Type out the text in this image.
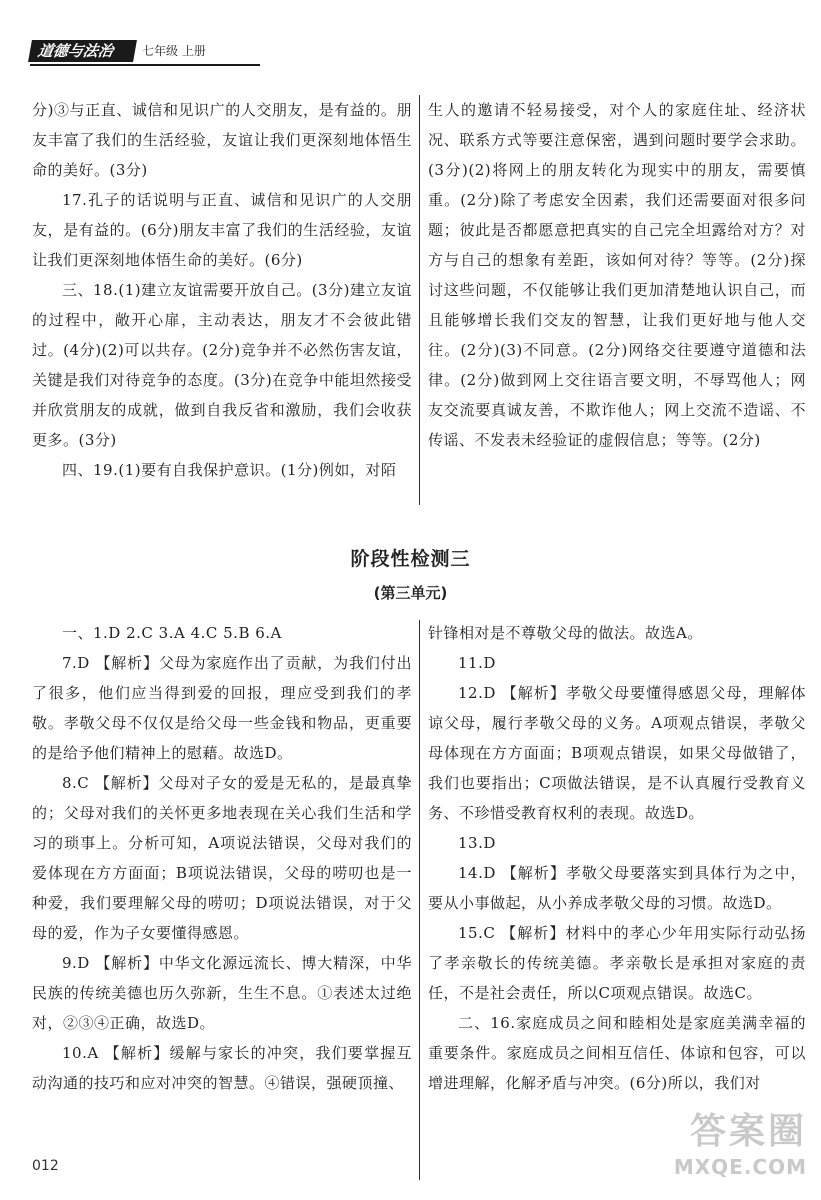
道德与法治	七年级 上册

分)③与正直、诚信和见识广的人交朋友，是有益的。朋友丰富了我们的生活经验，友谊让我们更深刻地体悟生命的美好。(3分)

17.孔子的话说明与正直、诚信和见识广的人交朋友，是有益的。(6分)朋友丰富了我们的生活经验，友谊让我们更深刻地体悟生命的美好。(6分)

三、18.(1)建立友谊需要开放自己。(3分)建立友谊的过程中，敞开心扉，主动表达，朋友才不会彼此错过。(4分)(2)可以共存。(2分)竞争并不必然伤害友谊，关键是我们对待竞争的态度。(3分)在竞争中能坦然接受并欣赏朋友的成就，做到自我反省和激励，我们会收获更多。(3分)

四、19.(1)要有自我保护意识。(1分)例如，对陌

生人的邀请不轻易接受，对个人的家庭住址、经济状况、联系方式等要注意保密，遇到问题时要学会求助。(3分)(2)将网上的朋友转化为现实中的朋友，需要慎重。(2分)除了考虑安全因素，我们还需要面对很多问题；彼此是否都愿意把真实的自己完全坦露给对方？对方与自己的想象有差距，该如何对待？等等。(2分)探讨这些问题，不仅能够让我们更加清楚地认识自己，而且能够增长我们交友的智慧，让我们更好地与他人交往。(2分)(3)不同意。(2分)网络交往要遵守道德和法律。(2分)做到网上交往语言要文明，不辱骂他人；网友交流要真诚友善，不欺诈他人；网上交流不造谣、不传谣、不发表未经验证的虚假信息；等等。(2分)

阶段性检测三
(第三单元)

一、1.D 2.C 3.A 4.C 5.B 6.A

7.D 【解析】父母为家庭作出了贡献，为我们付出了很多，他们应当得到爱的回报，理应受到我们的孝敬。孝敬父母不仅仅是给父母一些金钱和物品，更重要的是给予他们精神上的慰藉。故选D。

8.C 【解析】父母对子女的爱是无私的，是最真挚的；父母对我们的关怀更多地表现在关心我们生活和学习的琐事上。分析可知，A项说法错误，父母对我们的爱体现在方方面面；B项说法错误，父母的唠叨也是一种爱，我们要理解父母的唠叨；D项说法错误，对于父母的爱，作为子女要懂得感恩。

9.D 【解析】中华文化源远流长、博大精深，中华民族的传统美德也历久弥新，生生不息。①表述太过绝对，②③④正确，故选D。

10.A 【解析】缓解与家长的冲突，我们要掌握互动沟通的技巧和应对冲突的智慧。④错误，强硬顶撞、

针锋相对是不尊敬父母的做法。故选A。

11.D

12.D 【解析】孝敬父母要懂得感恩父母，理解体谅父母，履行孝敬父母的义务。A项观点错误，孝敬父母体现在方方面面；B项观点错误，如果父母做错了，我们也要指出；C项做法错误，是不认真履行受教育义务、不珍惜受教育权利的表现。故选D。

13.D

14.D 【解析】孝敬父母要落实到具体行为之中，要从小事做起，从小养成孝敬父母的习惯。故选D。

15.C 【解析】材料中的孝心少年用实际行动弘扬了孝亲敬长的传统美德。孝亲敬长是承担对家庭的责任，不是社会责任，所以C项观点错误。故选C。

二、16.家庭成员之间和睦相处是家庭美满幸福的重要条件。家庭成员之间相互信任、体谅和包容，可以增进理解，化解矛盾与冲突。(6分)所以，我们对

012
答案圈
MXQE.COM
